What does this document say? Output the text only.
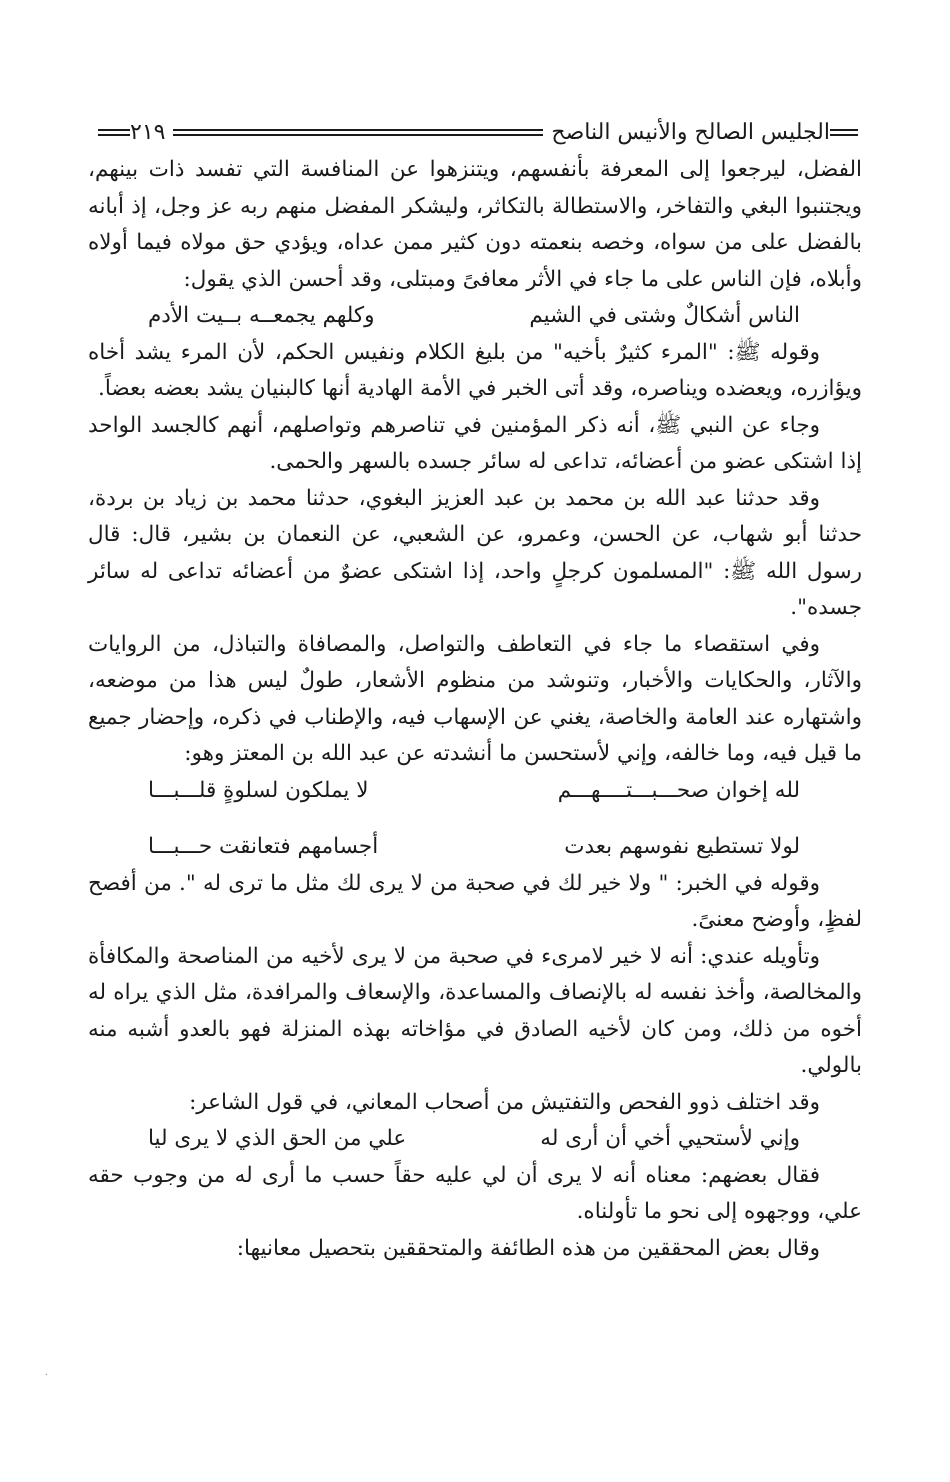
الجليس الصالح والأنيس الناصح
٢١٩

الفضل، ليرجعوا إلى المعرفة بأنفسهم، ويتنزهوا عن المنافسة التي تفسد ذات بينهم، ويجتنبوا البغي والتفاخر، والاستطالة بالتكاثر، وليشكر المفضل منهم ربه عز وجل، إذ أبانه بالفضل على من سواه، وخصه بنعمته دون كثير ممن عداه، ويؤدي حق مولاه فيما أولاه وأبلاه، فإن الناس على ما جاء في الأثر معافىً ومبتلى، وقد أحسن الذي يقول:

الناس أشكالٌ وشتى في الشيم
وكلهم يجمعــه بــيت الأدم

وقوله ﷺ: "المرء كثيرٌ بأخيه" من بليغ الكلام ونفيس الحكم، لأن المرء يشد أخاه ويؤازره، ويعضده ويناصره، وقد أتى الخبر في الأمة الهادية أنها كالبنيان يشد بعضه بعضاً.

وجاء عن النبي ﷺ، أنه ذكر المؤمنين في تناصرهم وتواصلهم، أنهم كالجسد الواحد إذا اشتكى عضو من أعضائه، تداعى له سائر جسده بالسهر والحمى.

وقد حدثنا عبد الله بن محمد بن عبد العزيز البغوي، حدثنا محمد بن زياد بن بردة، حدثنا أبو شهاب، عن الحسن، وعمرو، عن الشعبي، عن النعمان بن بشير، قال: قال رسول الله ﷺ: "المسلمون كرجلٍ واحد، إذا اشتكى عضوٌ من أعضائه تداعى له سائر جسده".

وفي استقصاء ما جاء في التعاطف والتواصل، والمصافاة والتباذل، من الروايات والآثار، والحكايات والأخبار، وتنوشد من منظوم الأشعار، طولٌ ليس هذا من موضعه، واشتهاره عند العامة والخاصة، يغني عن الإسهاب فيه، والإطناب في ذكره، وإحضار جميع ما قيل فيه، وما خالفه، وإني لأستحسن ما أنشدته عن عبد الله بن المعتز وهو:

لله إخوان صحـــبـــتــــهـــم
لا يملكون لسلوةٍ قلـــبـــا
لولا تستطيع نفوسهم بعدت
أجسامهم فتعانقت حـــبـــا

وقوله في الخبر: " ولا خير لك في صحبة من لا يرى لك مثل ما ترى له ". من أفصح لفظٍ، وأوضح معنىً.

وتأويله عندي: أنه لا خير لامرىء في صحبة من لا يرى لأخيه من المناصحة والمكافأة والمخالصة، وأخذ نفسه له بالإنصاف والمساعدة، والإسعاف والمرافدة، مثل الذي يراه له أخوه من ذلك، ومن كان لأخيه الصادق في مؤاخاته بهذه المنزلة فهو بالعدو أشبه منه بالولي.

وقد اختلف ذوو الفحص والتفتيش من أصحاب المعاني، في قول الشاعر:

وإني لأستحيي أخي أن أرى له
علي من الحق الذي لا يرى ليا

فقال بعضهم: معناه أنه لا يرى أن لي عليه حقاً حسب ما أرى له من وجوب حقه علي، ووجهوه إلى نحو ما تأولناه.

وقال بعض المحققين من هذه الطائفة والمتحققين بتحصيل معانيها:

·
